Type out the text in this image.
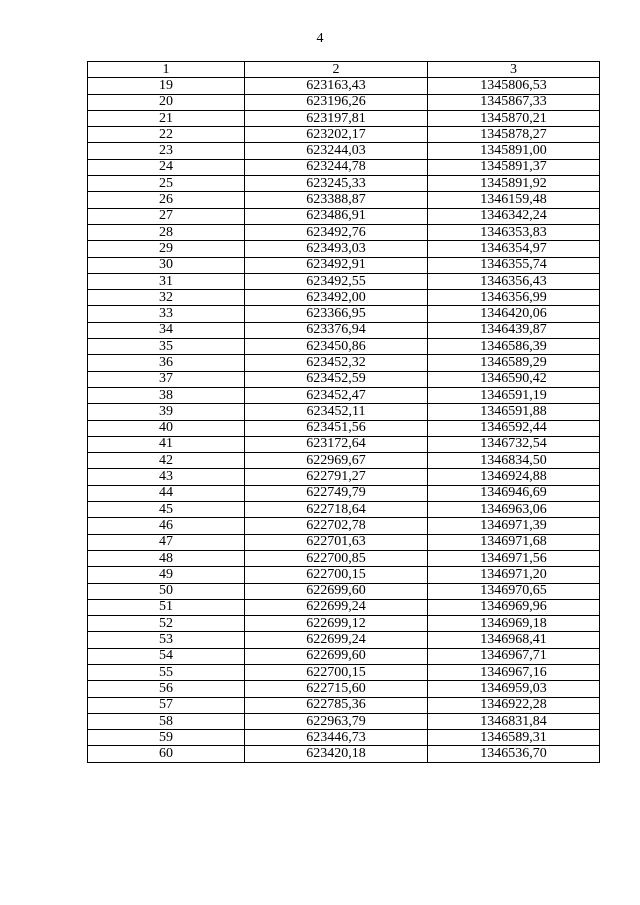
4
1	2	3
19	623163,43	1345806,53
20	623196,26	1345867,33
21	623197,81	1345870,21
22	623202,17	1345878,27
23	623244,03	1345891,00
24	623244,78	1345891,37
25	623245,33	1345891,92
26	623388,87	1346159,48
27	623486,91	1346342,24
28	623492,76	1346353,83
29	623493,03	1346354,97
30	623492,91	1346355,74
31	623492,55	1346356,43
32	623492,00	1346356,99
33	623366,95	1346420,06
34	623376,94	1346439,87
35	623450,86	1346586,39
36	623452,32	1346589,29
37	623452,59	1346590,42
38	623452,47	1346591,19
39	623452,11	1346591,88
40	623451,56	1346592,44
41	623172,64	1346732,54
42	622969,67	1346834,50
43	622791,27	1346924,88
44	622749,79	1346946,69
45	622718,64	1346963,06
46	622702,78	1346971,39
47	622701,63	1346971,68
48	622700,85	1346971,56
49	622700,15	1346971,20
50	622699,60	1346970,65
51	622699,24	1346969,96
52	622699,12	1346969,18
53	622699,24	1346968,41
54	622699,60	1346967,71
55	622700,15	1346967,16
56	622715,60	1346959,03
57	622785,36	1346922,28
58	622963,79	1346831,84
59	623446,73	1346589,31
60	623420,18	1346536,70
